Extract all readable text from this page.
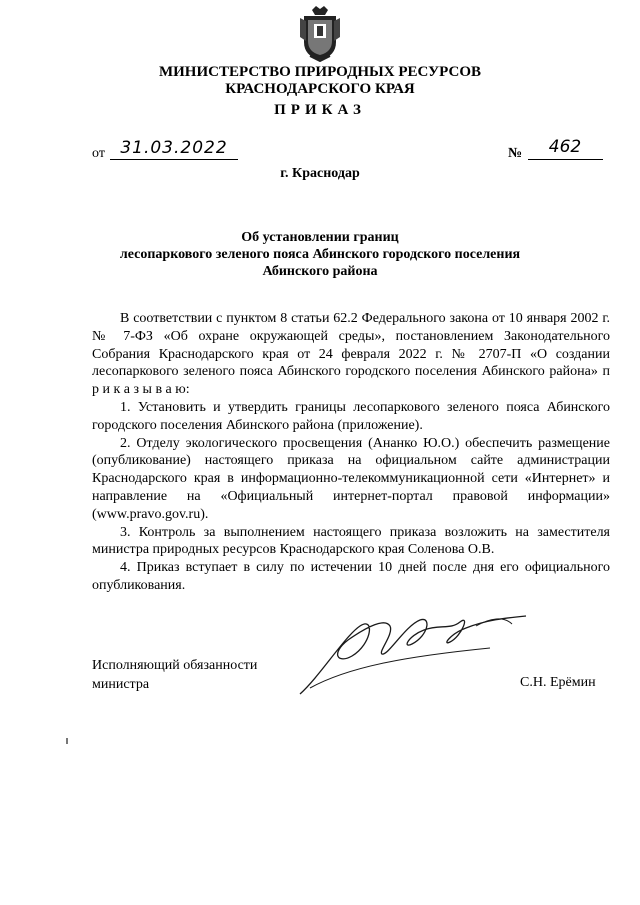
МИНИСТЕРСТВО ПРИРОДНЫХ РЕСУРСОВ
КРАСНОДАРСКОГО КРАЯ
ПРИКАЗ
от 31.03.2022	№	462
г. Краснодар
Об установлении границ
лесопаркового зеленого пояса Абинского городского поселения
Абинского района

В соответствии с пунктом 8 статьи 62.2 Федерального закона от 10 января 2002 г. № 7-ФЗ «Об охране окружающей среды», постановлением Законодательного Собрания Краснодарского края от 24 февраля 2022 г. № 2707-П «О создании лесопаркового зеленого пояса Абинского городского поселения Абинского района» п р и к а з ы в а ю:

1. Установить и утвердить границы лесопаркового зеленого пояса Абинского городского поселения Абинского района (приложение).

2. Отделу экологического просвещения (Ананко Ю.О.) обеспечить размещение (опубликование) настоящего приказа на официальном сайте администрации Краснодарского края в информационно-телекоммуникационной сети «Интернет» и направление на «Официальный интернет-портал правовой информации» (www.pravo.gov.ru).

3. Контроль за выполнением настоящего приказа возложить на заместителя министра природных ресурсов Краснодарского края Соленова О.В.

4. Приказ вступает в силу по истечении 10 дней после дня его официального опубликования.

Исполняющий обязанности
министра	С.Н. Ерёмин
